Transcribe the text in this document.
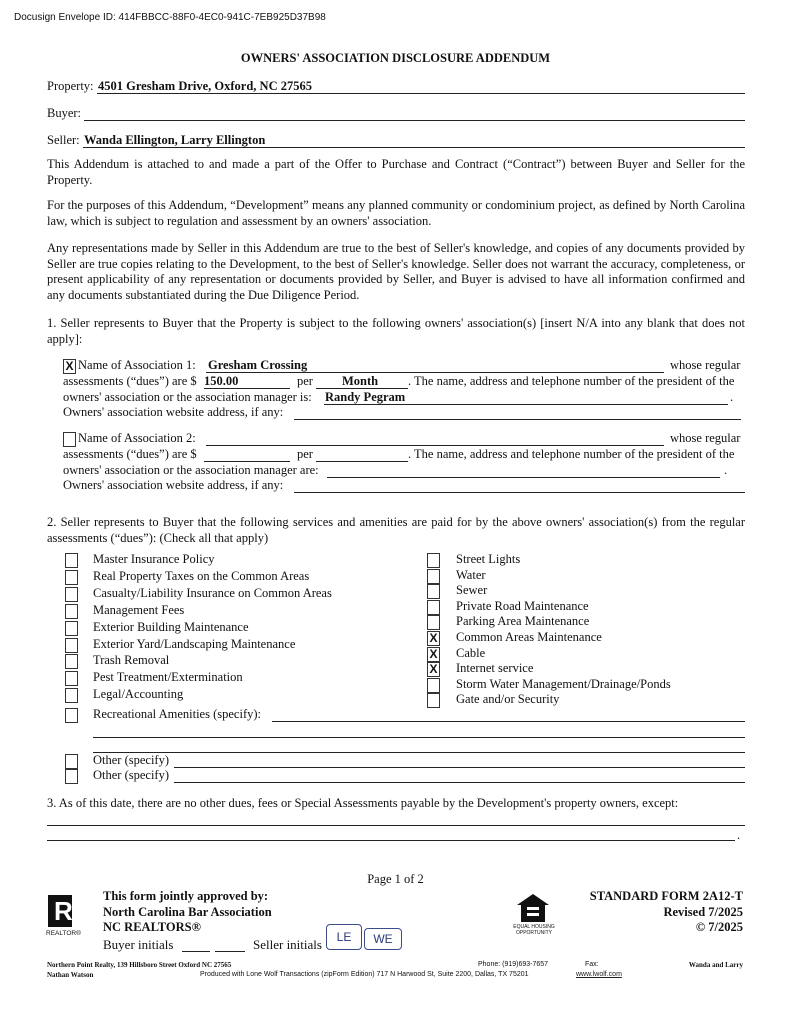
Docusign Envelope ID: 414FBBCC-88F0-4EC0-941C-7EB925D37B98
OWNERS' ASSOCIATION DISCLOSURE ADDENDUM
Property: 4501 Gresham Drive, Oxford, NC 27565
Buyer:
Seller: Wanda Ellington, Larry Ellington
This Addendum is attached to and made a part of the Offer to Purchase and Contract (“Contract”) between Buyer and Seller for the Property.
For the purposes of this Addendum, “Development” means any planned community or condominium project, as defined by North Carolina law, which is subject to regulation and assessment by an owners' association.
Any representations made by Seller in this Addendum are true to the best of Seller's knowledge, and copies of any documents provided by Seller are true copies relating to the Development, to the best of Seller's knowledge. Seller does not warrant the accuracy, completeness, or present applicability of any representation or documents provided by Seller, and Buyer is advised to have all information confirmed and any documents substantiated during the Due Diligence Period.
1. Seller represents to Buyer that the Property is subject to the following owners' association(s) [insert N/A into any blank that does not apply]:
X Name of Association 1: Gresham Crossing	whose regular
assessments (“dues”) are $ 150.00	per Month . The name, address and telephone number of the president of the
owners' association or the association manager is: Randy Pegram	.
Owners' association website address, if any:
Name of Association 2:	whose regular
assessments (“dues”) are $	per	. The name, address and telephone number of the president of the
owners' association or the association manager are:	.
Owners' association website address, if any:
2. Seller represents to Buyer that the following services and amenities are paid for by the above owners' association(s) from the regular assessments (“dues”): (Check all that apply)
Master Insurance Policy
Real Property Taxes on the Common Areas
Casualty/Liability Insurance on Common Areas
Management Fees
Exterior Building Maintenance
Exterior Yard/Landscaping Maintenance
Trash Removal
Pest Treatment/Extermination
Legal/Accounting
Street Lights
Water
Sewer
Private Road Maintenance
Parking Area Maintenance
X Common Areas Maintenance
X Cable
X Internet service
Storm Water Management/Drainage/Ponds
Gate and/or Security
Recreational Amenities (specify):
Other (specify)
Other (specify)
3. As of this date, there are no other dues, fees or Special Assessments payable by the Development's property owners, except:
.
Page 1 of 2
R
REALTOR®
This form jointly approved by:
North Carolina Bar Association
NC REALTORS®
Buyer initials	Seller initials	LE	WE
EQUAL HOUSING OPPORTUNITY
STANDARD FORM 2A12-T
Revised 7/2025
© 7/2025
Northern Point Realty, 139 Hillsboro Street Oxford NC 27565
Nathan Watson
Phone: (919)693-7657	Fax:	Wanda and Larry
Produced with Lone Wolf Transactions (zipForm Edition) 717 N Harwood St, Suite 2200, Dallas, TX 75201	www.lwolf.com
